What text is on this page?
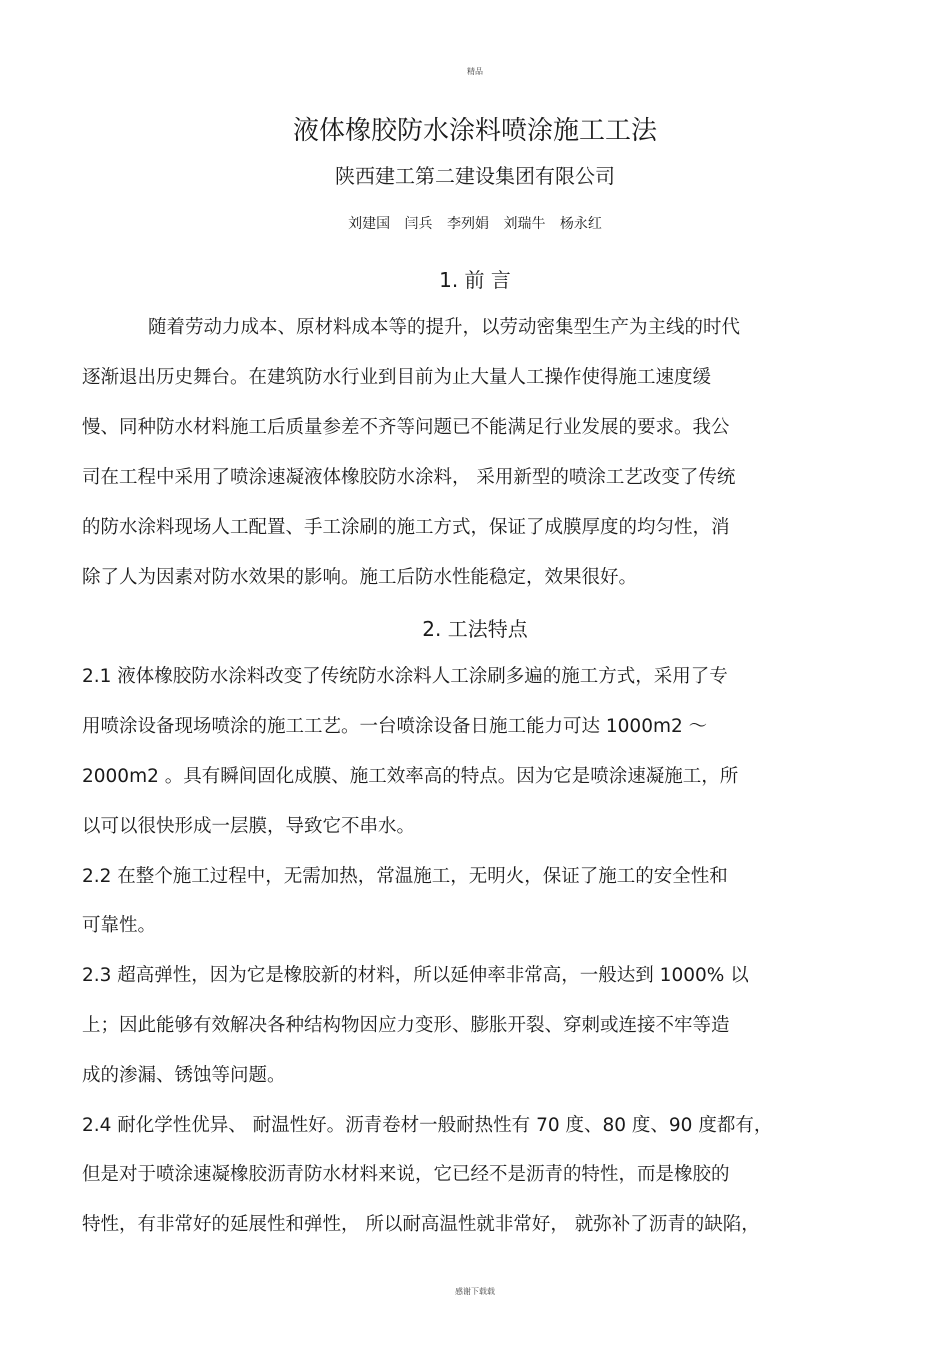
精品
液体橡胶防水涂料喷涂施工工法
陕西建工第二建设集团有限公司
刘建国 闫兵 李列娟 刘瑞牛 杨永红
1. 前 言
随着劳动力成本、原材料成本等的提升，以劳动密集型生产为主线的时代
逐渐退出历史舞台。在建筑防水行业到目前为止大量人工操作使得施工速度缓
慢、同种防水材料施工后质量参差不齐等问题已不能满足行业发展的要求。我公
司在工程中采用了喷涂速凝液体橡胶防水涂料， 采用新型的喷涂工艺改变了传统
的防水涂料现场人工配置、手工涂刷的施工方式，保证了成膜厚度的均匀性，消
除了人为因素对防水效果的影响。施工后防水性能稳定，效果很好。
2. 工法特点
2.1 液体橡胶防水涂料改变了传统防水涂料人工涂刷多遍的施工方式，采用了专
用喷涂设备现场喷涂的施工工艺。一台喷涂设备日施工能力可达 1000m2 ～
2000m2 。具有瞬间固化成膜、施工效率高的特点。因为它是喷涂速凝施工，所
以可以很快形成一层膜，导致它不串水。
2.2 在整个施工过程中，无需加热，常温施工，无明火，保证了施工的安全性和
可靠性。
2.3 超高弹性，因为它是橡胶新的材料，所以延伸率非常高，一般达到 1000% 以
上；因此能够有效解决各种结构物因应力变形、膨胀开裂、穿刺或连接不牢等造
成的渗漏、锈蚀等问题。
2.4 耐化学性优异、 耐温性好。沥青卷材一般耐热性有 70 度、80 度、90 度都有，
但是对于喷涂速凝橡胶沥青防水材料来说，它已经不是沥青的特性，而是橡胶的
特性，有非常好的延展性和弹性， 所以耐高温性就非常好， 就弥补了沥青的缺陷，
感谢下载载
